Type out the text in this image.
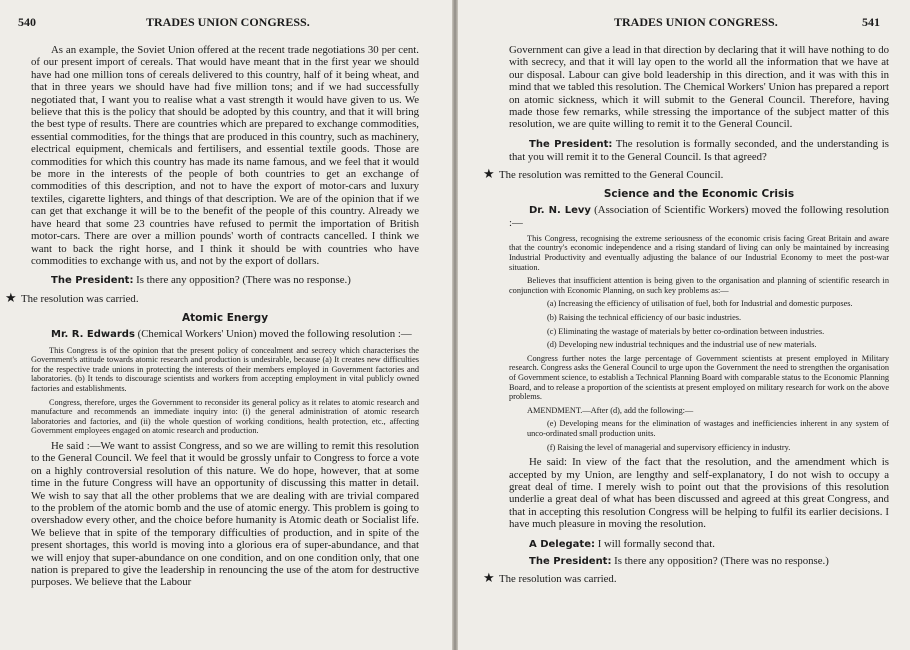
540	TRADES UNION CONGRESS.

As an example, the Soviet Union offered at the recent trade negotiations 30 per cent. of our present import of cereals. That would have meant that in the first year we should have had one million tons of cereals delivered to this country, half of it being wheat, and that in three years we should have had five million tons; and if we had successfully negotiated that, I want you to realise what a vast strength it would have given to us. We believe that this is the policy that should be adopted by this country, and that it will bring the best type of results. There are countries which are prepared to exchange commodities, essential commodities, for the things that are produced in this country, such as machinery, electrical equipment, chemicals and fertilisers, and essential textile goods. Those are commodities for which this country has made its name famous, and we feel that it would be more in the interests of the people of both countries to get an exchange of commodities of this description, and not to have the export of motor-cars and luxury textiles, cigarette lighters, and things of that description. We are of the opinion that if we can get that exchange it will be to the benefit of the people of this country. Already we have heard that some 23 countries have refused to permit the importation of British motor-cars. There are over a million pounds' worth of contracts cancelled. I think we want to back the right horse, and I think it should be with countries who have commodities to exchange with us, and not by the export of dollars.

The President: Is there any opposition? (There was no response.)

★ The resolution was carried.

Atomic Energy

Mr. R. Edwards (Chemical Workers' Union) moved the following resolution :—

This Congress is of the opinion that the present policy of concealment and secrecy which characterises the Government's attitude towards atomic research and production is undesirable, because (a) It creates new difficulties for the respective trade unions in protecting the interests of their members employed in Government factories and laboratories. (b) It tends to discourage scientists and workers from accepting employment in vital publicly owned factories and establishments.

Congress, therefore, urges the Government to reconsider its general policy as it relates to atomic research and manufacture and recommends an immediate inquiry into: (i) the general administration of atomic research laboratories and factories, and (ii) the whole question of working conditions, health protection, etc., affecting Government employees engaged on atomic research and production.

He said :—We want to assist Congress, and so we are willing to remit this resolution to the General Council. We feel that it would be grossly unfair to Congress to force a vote on a highly controversial resolution of this nature. We do hope, however, that at some time in the future Congress will have an opportunity of discussing this matter in detail. We wish to say that all the other problems that we are dealing with are trivial compared to the problem of the atomic bomb and the use of atomic energy. This problem is going to overshadow every other, and the choice before humanity is Atomic death or Socialist life. We believe that in spite of the temporary difficulties of production, and in spite of the present shortages, this world is moving into a glorious era of super-abundance, and that we will enjoy that super-abundance on one condition, and on one condition only, that one nation is prepared to give the leadership in renouncing the use of the atom for destructive purposes. We believe that the Labour

TRADES UNION CONGRESS.	541

Government can give a lead in that direction by declaring that it will have nothing to do with secrecy, and that it will lay open to the world all the information that we have at our disposal. Labour can give bold leadership in this direction, and it was with this in mind that we tabled this resolution. The Chemical Workers' Union has prepared a report on atomic sickness, which it will submit to the General Council. Therefore, having made those few remarks, while stressing the importance of the subject matter of this resolution, we are quite willing to remit it to the General Council.

The President: The resolution is formally seconded, and the understanding is that you will remit it to the General Council. Is that agreed?

★ The resolution was remitted to the General Council.

Science and the Economic Crisis

Dr. N. Levy (Association of Scientific Workers) moved the following resolution :—

This Congress, recognising the extreme seriousness of the economic crisis facing Great Britain and aware that the country's economic independence and a rising standard of living can only be maintained by increasing Industrial Productivity and eventually adjusting the balance of our Industrial Economy to meet the post-war situation.

Believes that insufficient attention is being given to the organisation and planning of scientific research in conjunction with Economic Planning, on such key problems as:—

(a) Increasing the efficiency of utilisation of fuel, both for Industrial and domestic purposes.

(b) Raising the technical efficiency of our basic industries.

(c) Eliminating the wastage of materials by better co-ordination between industries.

(d) Developing new industrial techniques and the industrial use of new materials.

Congress further notes the large percentage of Government scientists at present employed in Military research. Congress asks the General Council to urge upon the Government the need to strengthen the organisation of Government science, to establish a Technical Planning Board with comparable status to the Economic Planning Board, and to release a proportion of the scientists at present employed on military research for work on the above problems.

AMENDMENT.—After (d), add the following:—

(e) Developing means for the elimination of wastages and inefficiencies inherent in any system of unco-ordinated small production units.

(f) Raising the level of managerial and supervisory efficiency in industry.

He said: In view of the fact that the resolution, and the amendment which is accepted by my Union, are lengthy and self-explanatory, I do not wish to occupy a great deal of time. I merely wish to point out that the provisions of this resolution underlie a great deal of what has been discussed and agreed at this great Congress, and that in accepting this resolution Congress will be helping to fulfil its earlier decisions. I have much pleasure in moving the resolution.

A Delegate: I will formally second that.

The President: Is there any opposition? (There was no response.)

★ The resolution was carried.
